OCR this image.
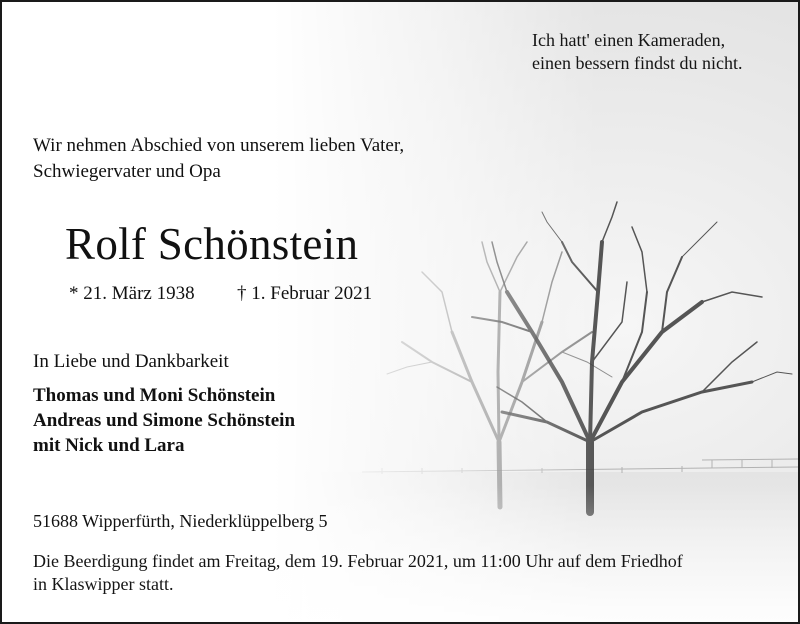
Ich hatt' einen Kameraden,
einen bessern findst du nicht.

Wir nehmen Abschied von unserem lieben Vater,
Schwiegervater und Opa

Rolf Schönstein
* 21. März 1938 † 1. Februar 2021
In Liebe und Dankbarkeit
Thomas und Moni Schönstein
Andreas und Simone Schönstein
mit Nick und Lara
51688 Wipperfürth, Niederklüppelberg 5

Die Beerdigung findet am Freitag, dem 19. Februar 2021, um 11:00 Uhr auf dem Friedhof
in Klaswipper statt.
